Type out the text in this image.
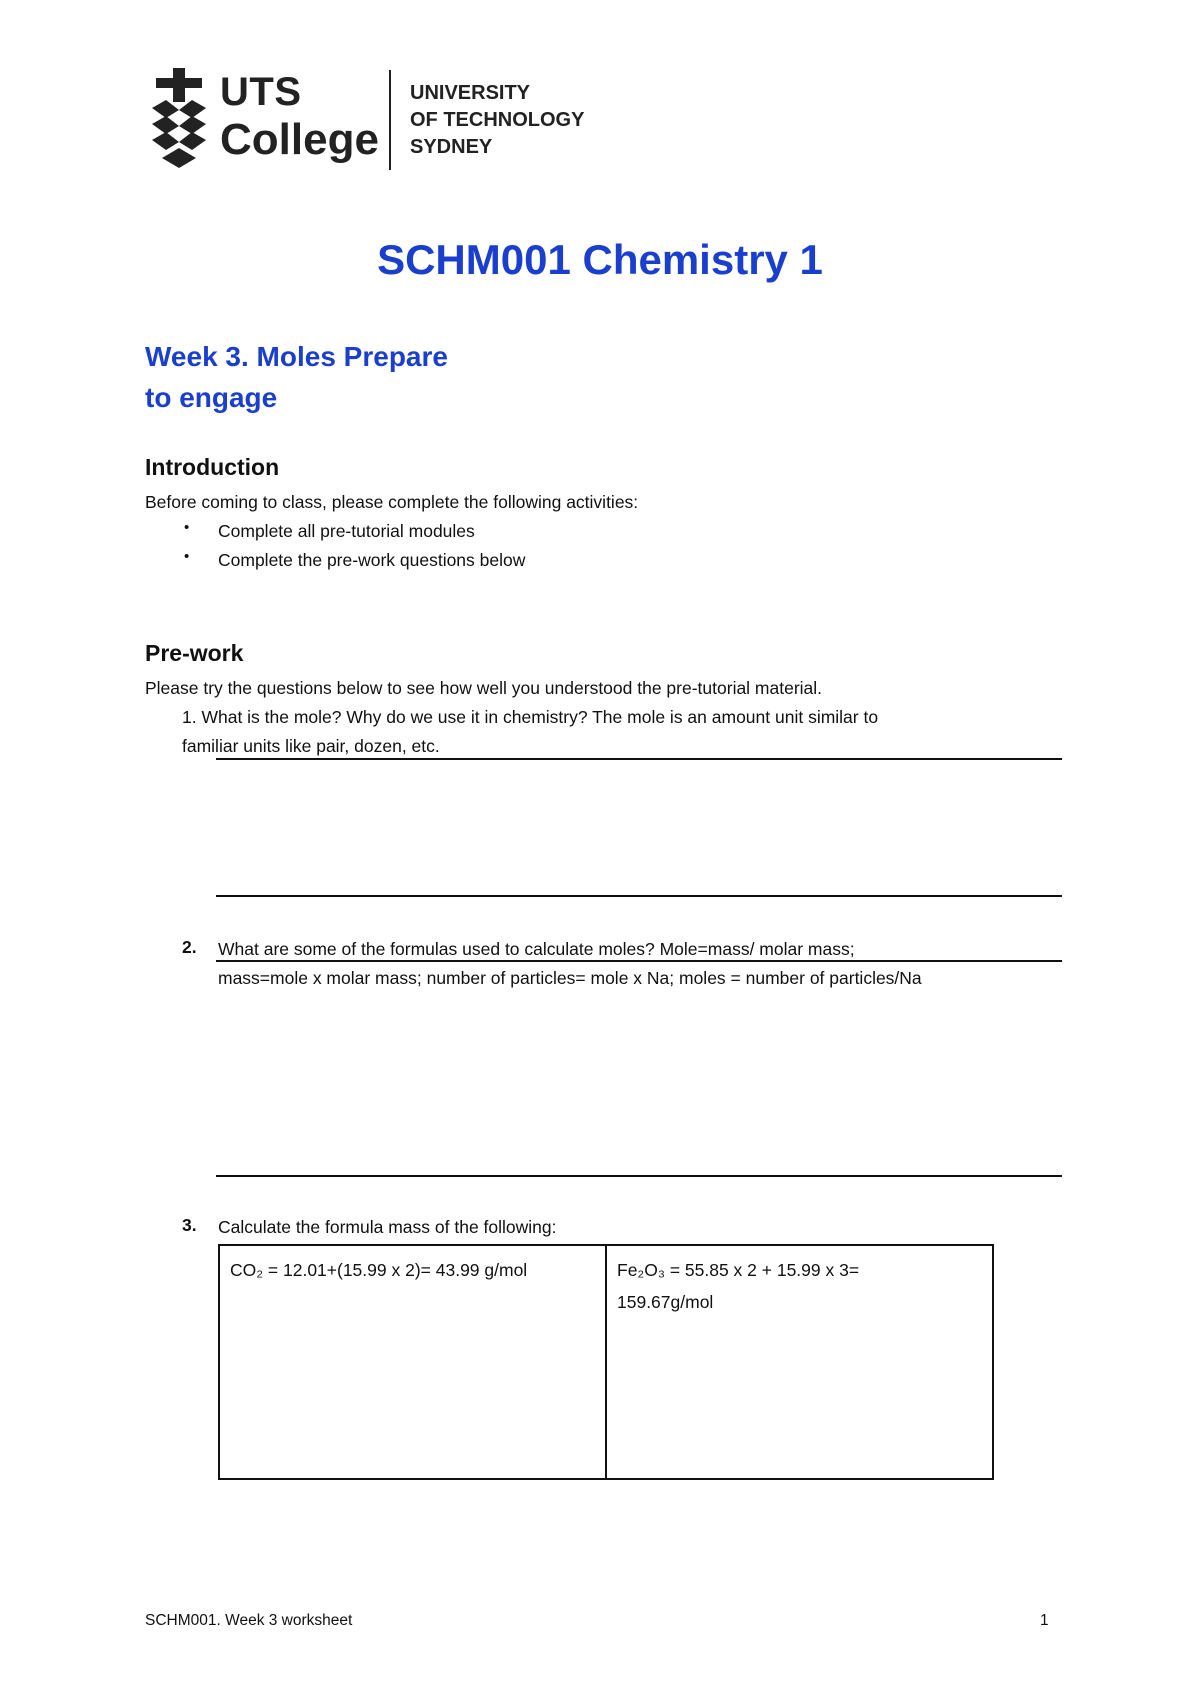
UTS
College
UNIVERSITY
OF TECHNOLOGY
SYDNEY
SCHM001 Chemistry 1
Week 3. Moles Prepare
to engage
Introduction
Before coming to class, please complete the following activities:
• Complete all pre-tutorial modules
• Complete the pre-work questions below
Pre-work
Please try the questions below to see how well you understood the pre-tutorial material.
1. What is the mole? Why do we use it in chemistry? The mole is an amount unit similar to
familiar units like pair, dozen, etc.
2. What are some of the formulas used to calculate moles? Mole=mass/ molar mass;
mass=mole x molar mass; number of particles= mole x Na; moles = number of particles/Na
3. Calculate the formula mass of the following:
CO₂ = 12.01+(15.99 x 2)= 43.99 g/mol	Fe₂O₃ = 55.85 x 2 + 15.99 x 3=
159.67g/mol
SCHM001. Week 3 worksheet	1
